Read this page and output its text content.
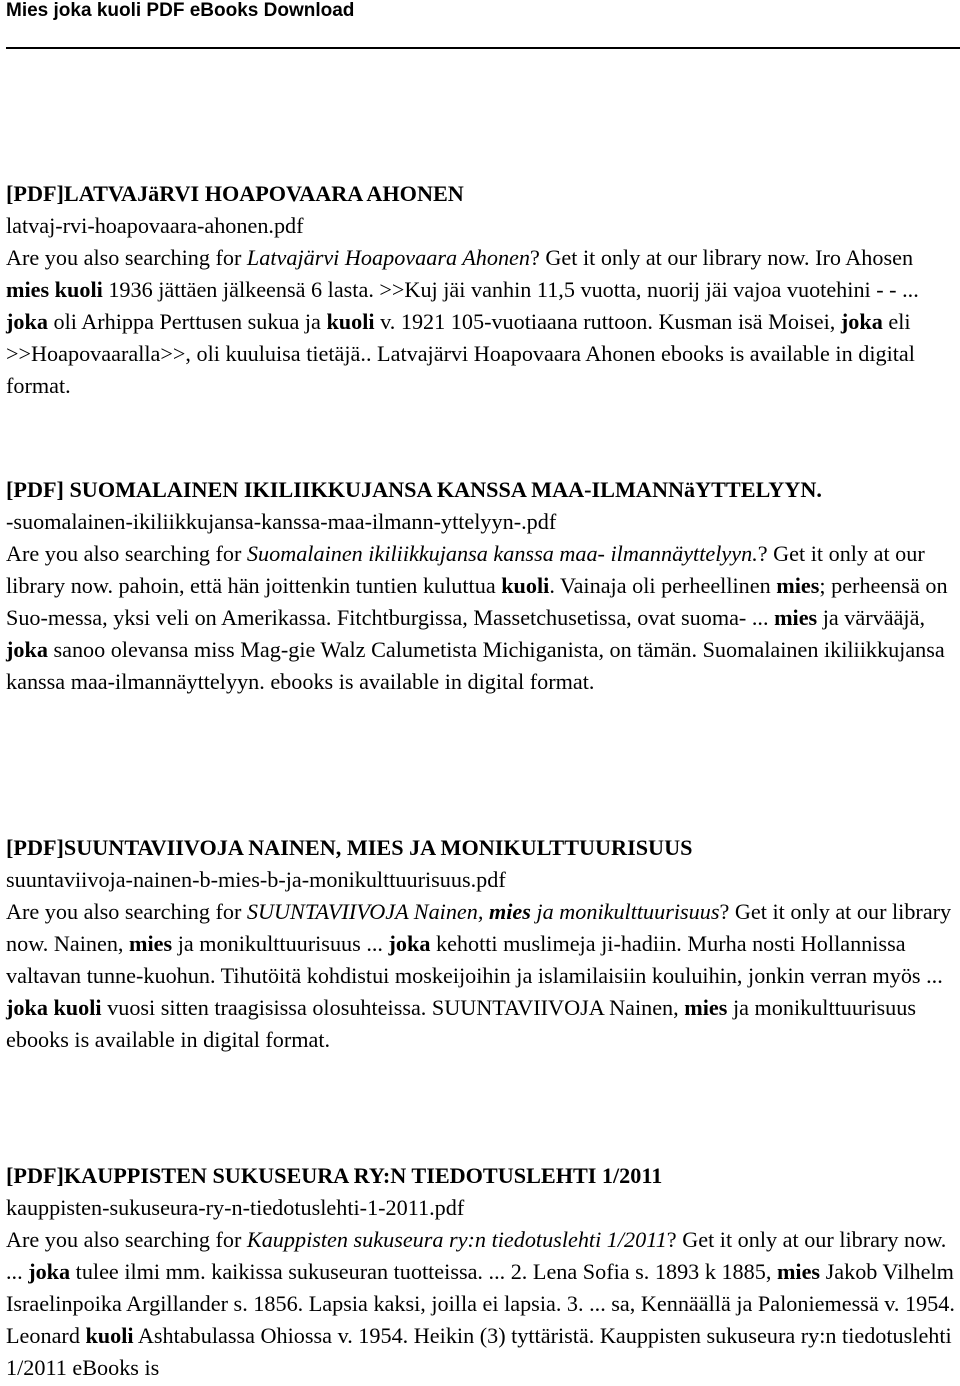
Mies joka kuoli PDF eBooks Download
[PDF]LATVAJäRVI HOAPOVAARA AHONEN
latvaj-rvi-hoapovaara-ahonen.pdf
Are you also searching for Latvajärvi Hoapovaara Ahonen? Get it only at our library now. Iro Ahosen mies kuoli 1936 jättäen jälkeensä 6 lasta. >>Kuj jäi vanhin 11,5 vuotta, nuorij jäi vajoa vuotehini - - ... joka oli Arhippa Perttusen sukua ja kuoli v. 1921 105-vuotiaana ruttoon. Kusman isä Moisei, joka eli >>Hoapovaaralla>>, oli kuuluisa tietäjä.. Latvajärvi Hoapovaara Ahonen ebooks is available in digital format.
[PDF] SUOMALAINEN IKILIIKKUJANSA KANSSA MAA-ILMANNäYTTELYYN.
-suomalainen-ikiliikkujansa-kanssa-maa-ilmann-yttelyyn-.pdf
Are you also searching for Suomalainen ikiliikkujansa kanssa maa- ilmannäyttelyyn.? Get it only at our library now. pahoin, että hän joittenkin tuntien kuluttua kuoli. Vainaja oli perheellinen mies; perheensä on Suo-messa, yksi veli on Amerikassa. Fitchtburgissa, Massetchusetissa, ovat suoma- ... mies ja värvääjä, joka sanoo olevansa miss Mag-gie Walz Calumetista Michiganista, on tämän. Suomalainen ikiliikkujansa kanssa maa-ilmannäyttelyyn. ebooks is available in digital format.
[PDF]SUUNTAVIIVOJA NAINEN, MIES JA MONIKULTTUURISUUS
suuntaviivoja-nainen-b-mies-b-ja-monikulttuurisuus.pdf
Are you also searching for SUUNTAVIIVOJA Nainen, mies ja monikulttuurisuus? Get it only at our library now. Nainen, mies ja monikulttuurisuus ... joka kehotti muslimeja ji-hadiin. Murha nosti Hollannissa valtavan tunne-kuohun. Tihutöitä kohdistui moskeijoihin ja islamilaisiin kouluihin, jonkin verran myös ... joka kuoli vuosi sitten traagisissa olosuhteissa. SUUNTAVIIVOJA Nainen, mies ja monikulttuurisuus ebooks is available in digital format.
[PDF]KAUPPISTEN SUKUSEURA RY:N TIEDOTUSLEHTI 1/2011
kauppisten-sukuseura-ry-n-tiedotuslehti-1-2011.pdf
Are you also searching for Kauppisten sukuseura ry:n tiedotuslehti 1/2011? Get it only at our library now. ... joka tulee ilmi mm. kaikissa sukuseuran tuotteissa. ... 2. Lena Sofia s. 1893 k 1885, mies Jakob Vilhelm Israelinpoika Argillander s. 1856. Lapsia kaksi, joilla ei lapsia. 3. ... sa, Kennäällä ja Paloniemessä v. 1954. Leonard kuoli Ashtabulassa Ohiossa v. 1954. Heikin (3) tyttäristä. Kauppisten sukuseura ry:n tiedotuslehti 1/2011 eBooks is
